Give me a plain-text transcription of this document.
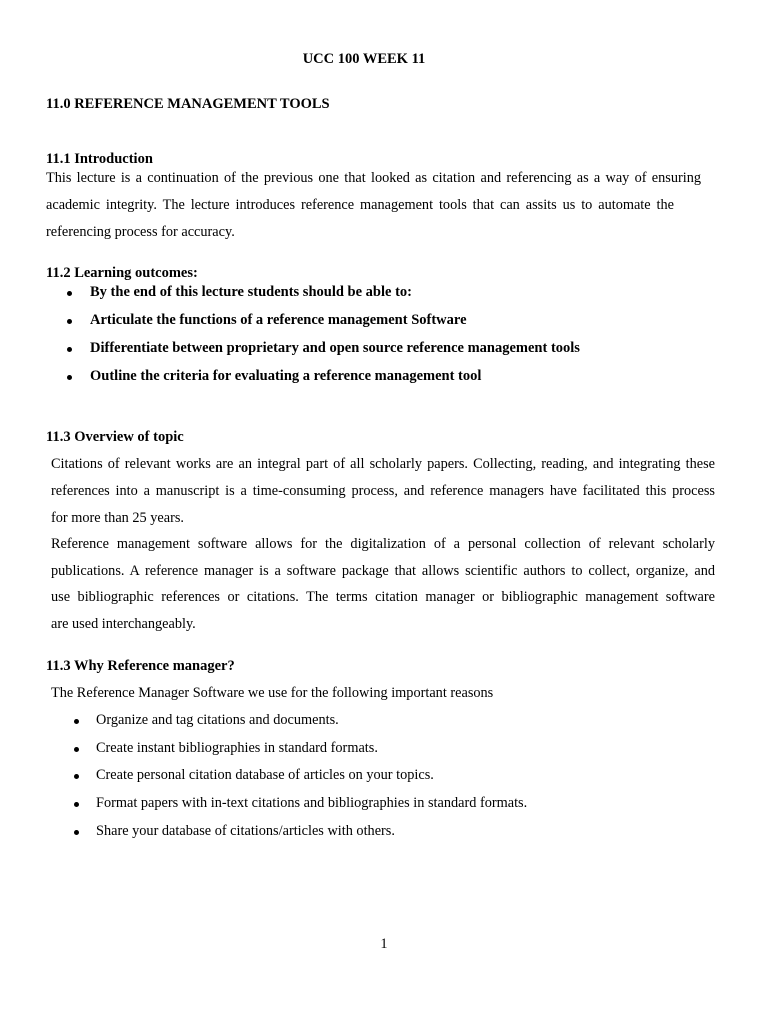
UCC 100 WEEK 11
11.0 REFERENCE MANAGEMENT TOOLS
11.1 Introduction
This lecture is a continuation of the previous one that looked as citation and referencing as a way of ensuring
academic integrity. The lecture introduces reference management tools that can assits us to automate the
referencing process for accuracy.
11.2 Learning outcomes:
By the end of this lecture students should be able to:
Articulate the functions of a reference management Software
Differentiate between proprietary and open source reference management tools
Outline the criteria for evaluating a reference management tool
11.3 Overview of topic
Citations of relevant works are an integral part of all scholarly papers. Collecting, reading, and integrating these
references into a manuscript is a time-consuming process, and reference managers have facilitated this process
for more than 25 years.
Reference management software allows for the digitalization of a personal collection of relevant scholarly
publications. A reference manager is a software package that allows scientific authors to collect, organize, and
use bibliographic references or citations. The terms citation manager or bibliographic management software
are used interchangeably.
11.3 Why Reference manager?
The Reference Manager Software we use for the following important reasons
Organize and tag citations and documents.
Create instant bibliographies in standard formats.
Create personal citation database of articles on your topics.
Format papers with in-text citations and bibliographies in standard formats.
Share your database of citations/articles with others.
1
